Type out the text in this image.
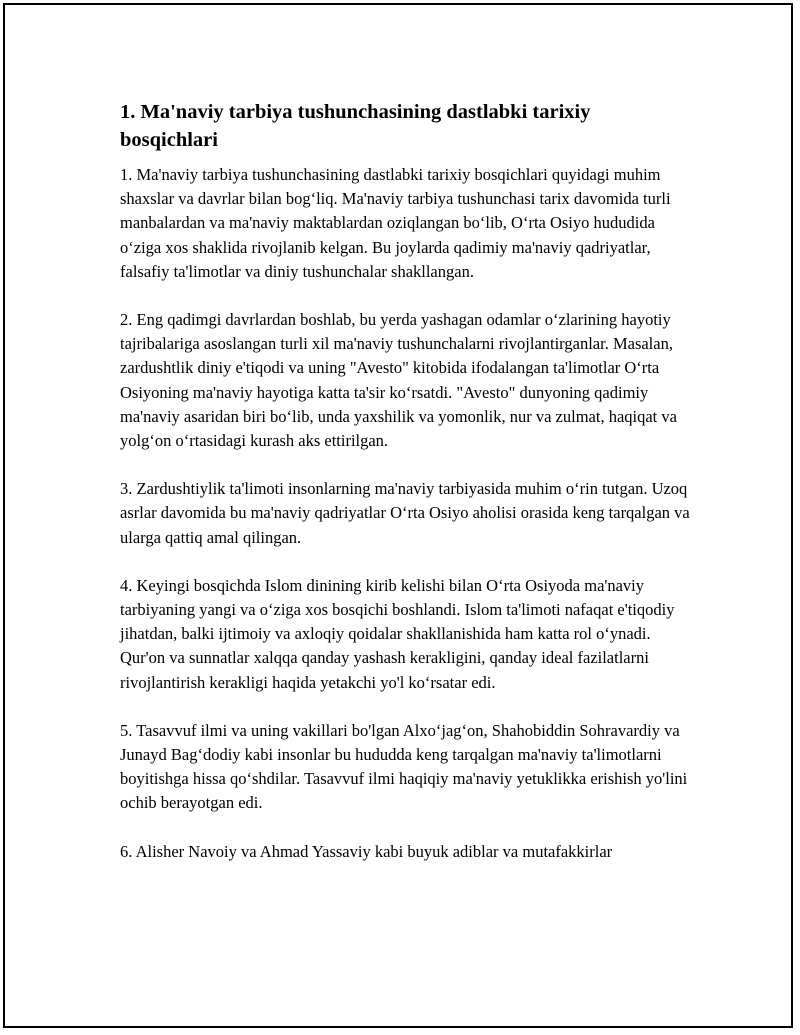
1. Ma'naviy tarbiya tushunchasining dastlabki tarixiy bosqichlari

1. Ma'naviy tarbiya tushunchasining dastlabki tarixiy bosqichlari quyidagi muhim shaxslar va davrlar bilan bog‘liq. Ma'naviy tarbiya tushunchasi tarix davomida turli manbalardan va ma'naviy maktablardan oziqlangan bo‘lib, O‘rta Osiyo hududida o‘ziga xos shaklida rivojlanib kelgan. Bu joylarda qadimiy ma'naviy qadriyatlar, falsafiy ta'limotlar va diniy tushunchalar shakllangan.

2. Eng qadimgi davrlardan boshlab, bu yerda yashagan odamlar o‘zlarining hayotiy tajribalariga asoslangan turli xil ma'naviy tushunchalarni rivojlantirganlar. Masalan, zardushtlik diniy e'tiqodi va uning "Avesto" kitobida ifodalangan ta'limotlar O‘rta Osiyoning ma'naviy hayotiga katta ta'sir ko‘rsatdi. "Avesto" dunyoning qadimiy ma'naviy asaridan biri bo‘lib, unda yaxshilik va yomonlik, nur va zulmat, haqiqat va yolg‘on o‘rtasidagi kurash aks ettirilgan.

3. Zardushtiylik ta'limoti insonlarning ma'naviy tarbiyasida muhim o‘rin tutgan. Uzoq asrlar davomida bu ma'naviy qadriyatlar O‘rta Osiyo aholisi orasida keng tarqalgan va ularga qattiq amal qilingan.

4. Keyingi bosqichda Islom dinining kirib kelishi bilan O‘rta Osiyoda ma'naviy tarbiyaning yangi va o‘ziga xos bosqichi boshlandi. Islom ta'limoti nafaqat e'tiqodiy jihatdan, balki ijtimoiy va axloqiy qoidalar shakllanishida ham katta rol o‘ynadi. Qur'on va sunnatlar xalqqa qanday yashash kerakligini, qanday ideal fazilatlarni rivojlantirish kerakligi haqida yetakchi yo'l ko‘rsatar edi.

5. Tasavvuf ilmi va uning vakillari bo'lgan Alxo‘jag‘on, Shahobiddin Sohravardiy va Junayd Bag‘dodiy kabi insonlar bu hududda keng tarqalgan ma'naviy ta'limotlarni boyitishga hissa qo‘shdilar. Tasavvuf ilmi haqiqiy ma'naviy yetuklikka erishish yo'lini ochib berayotgan edi.

6. Alisher Navoiy va Ahmad Yassaviy kabi buyuk adiblar va mutafakkirlar
